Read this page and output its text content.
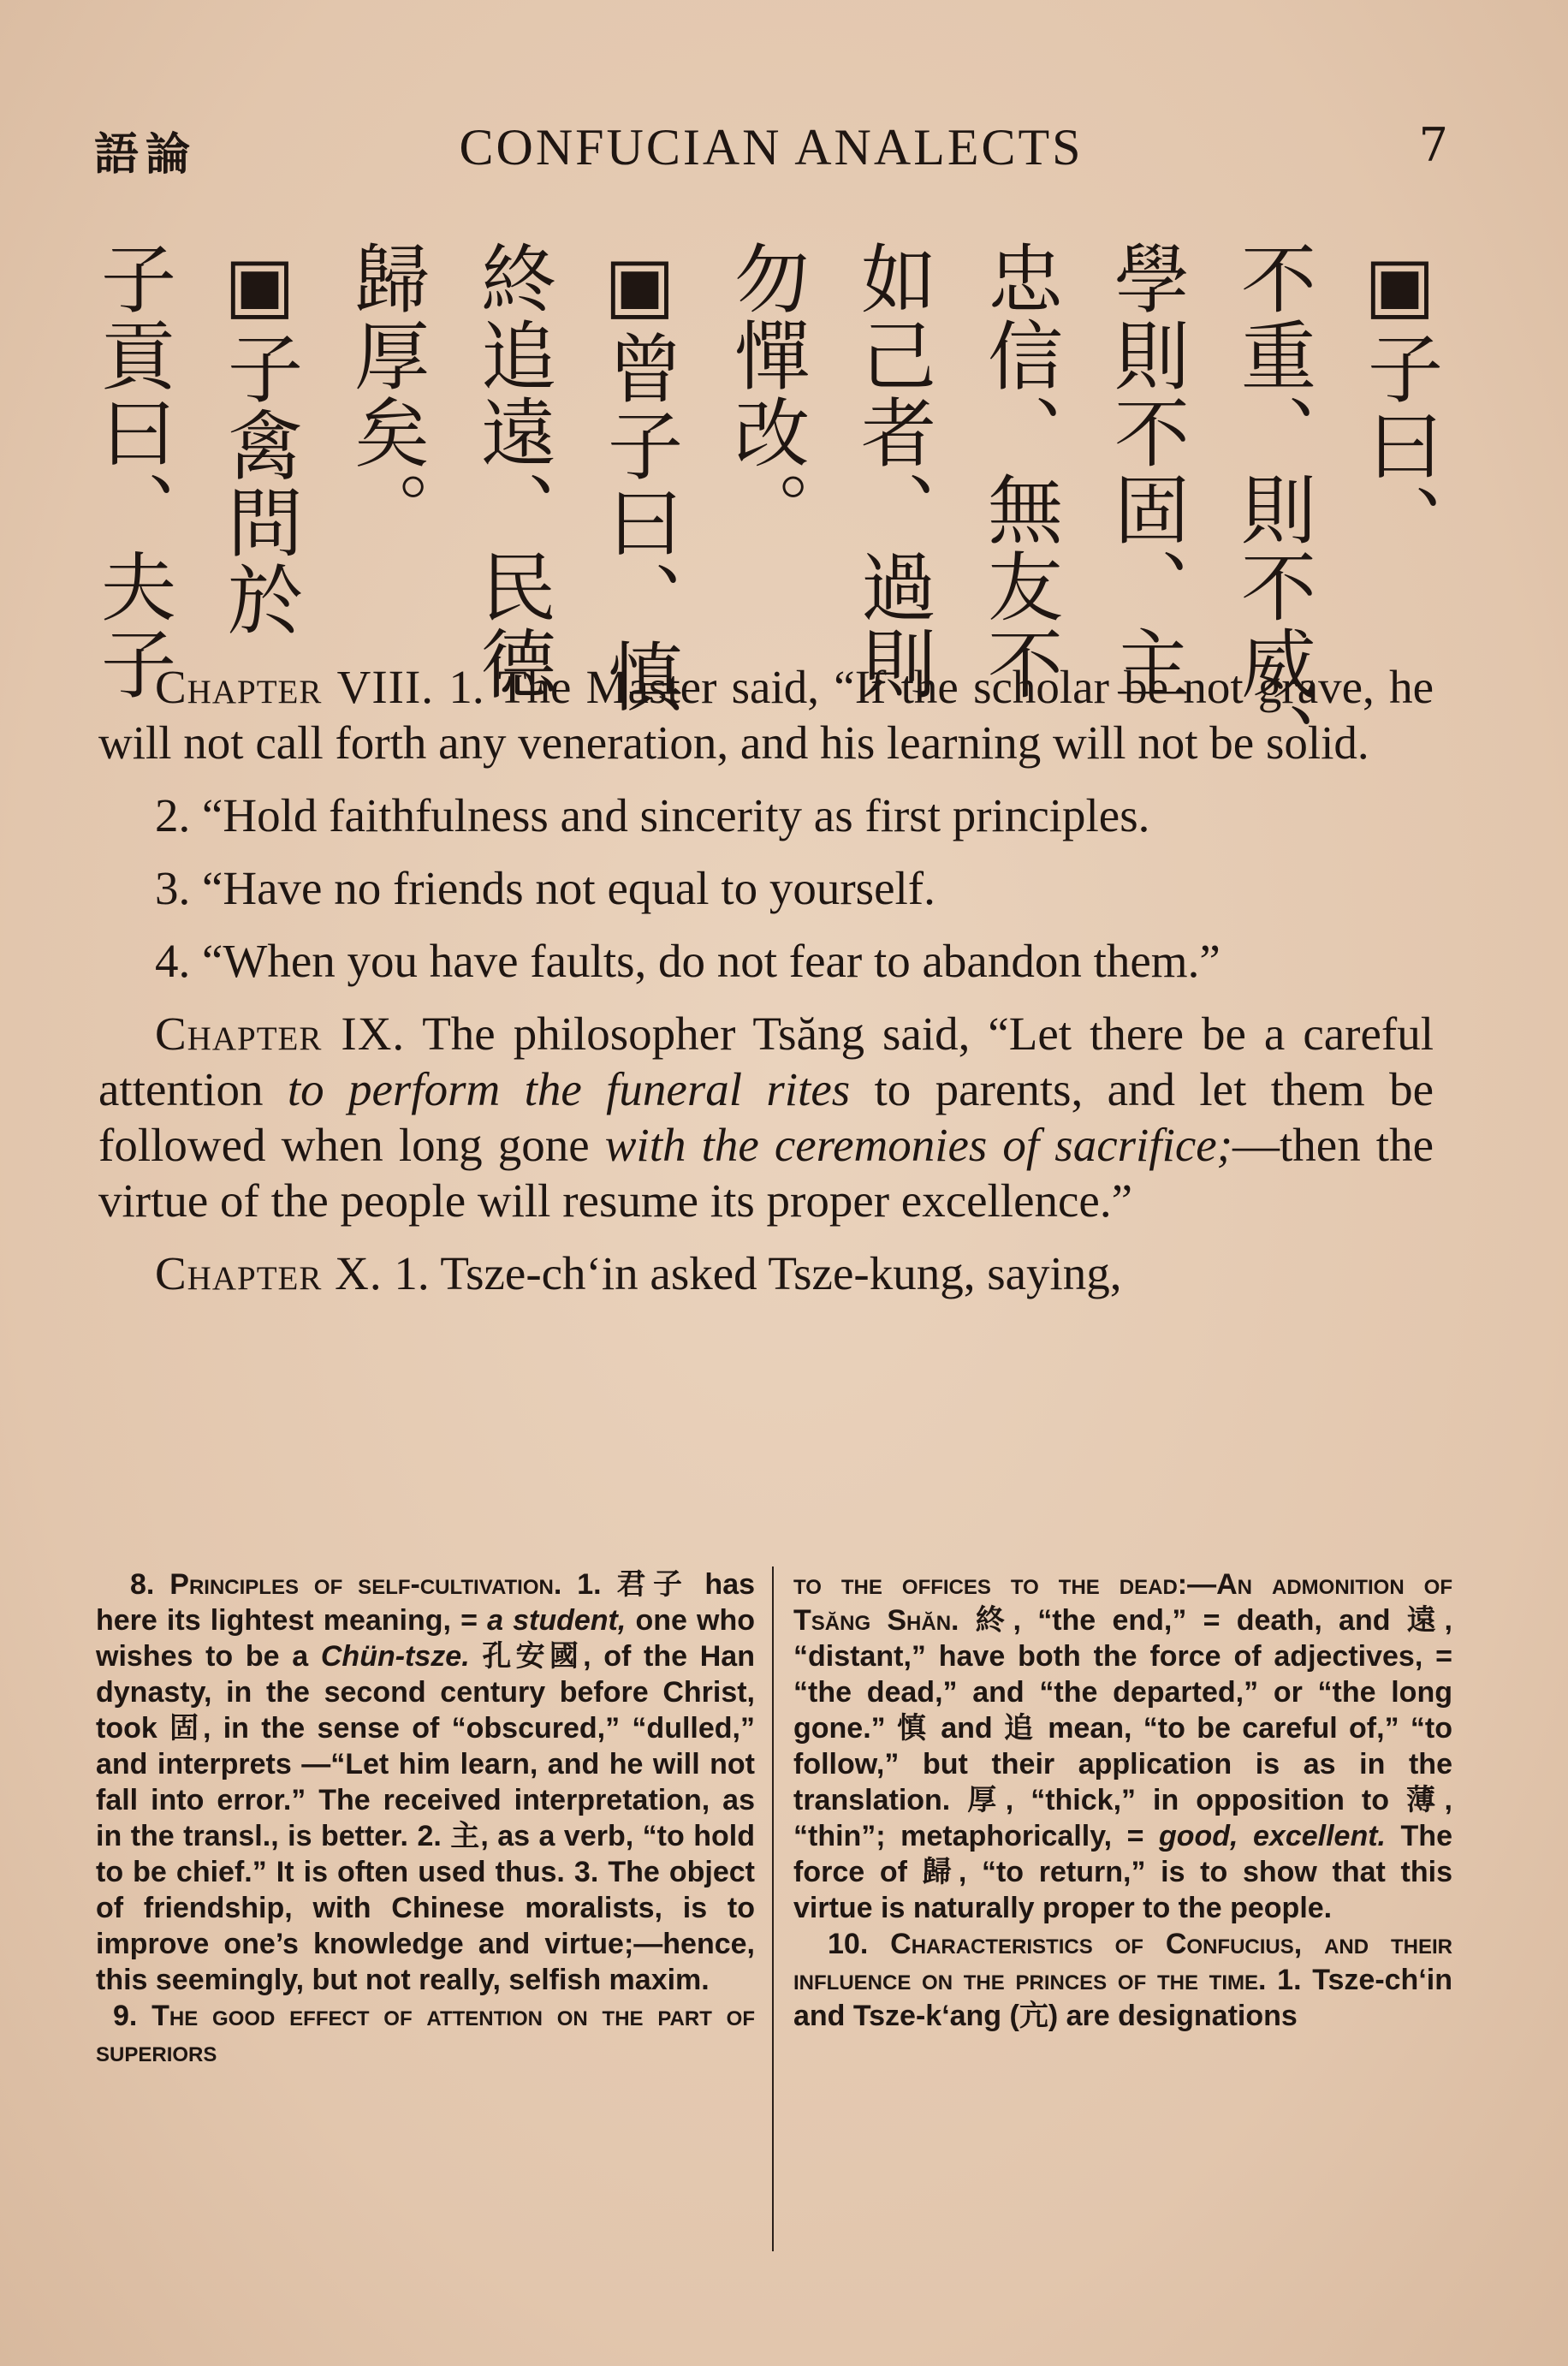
語論	CONFUCIAN ANALECTS	7
▣子曰、
不重、則不威、
學則不固、主
忠信、無友不
如己者、過則
勿憚改。
▣曾子曰、慎
終追遠、民德
歸厚矣。
▣子禽問於
子貢曰、夫子

Chapter VIII. 1. The Master said, “If the scholar be not grave, he will not call forth any veneration, and his learning will not be solid.

2. “Hold faithfulness and sincerity as first principles.

3. “Have no friends not equal to yourself.

4. “When you have faults, do not fear to abandon them.”

Chapter IX. The philosopher Tsăng said, “Let there be a careful attention to perform the funeral rites to parents, and let them be followed when long gone with the ceremonies of sacrifice;—then the virtue of the people will resume its proper excellence.”

Chapter X. 1. Tsze-ch‘in asked Tsze-kung, saying,

8. Principles of self-cultivation. 1. 君子 has here its lightest meaning, = a student, one who wishes to be a Chün-tsze. 孔安國, of the Han dynasty, in the second century before Christ, took 固, in the sense of “obscured,” “dulled,” and interprets —“Let him learn, and he will not fall into error.” The received interpretation, as in the transl., is better. 2. 主, as a verb, “to hold to be chief.” It is often used thus. 3. The object of friendship, with Chinese moralists, is to improve one’s knowledge and virtue;—hence, this seemingly, but not really, selfish maxim.

9. The good effect of attention on the part of superiors

to the offices to the dead:—An admonition of Tsăng Shăn. 終, “the end,” = death, and 遠, “distant,” have both the force of adjectives, = “the dead,” and “the departed,” or “the long gone.” 慎 and 追 mean, “to be careful of,” “to follow,” but their application is as in the translation. 厚, “thick,” in opposition to 薄, “thin”; metaphorically, = good, excellent. The force of 歸, “to return,” is to show that this virtue is naturally proper to the people.

10. Characteristics of Confucius, and their influence on the princes of the time. 1. Tsze-ch‘in and Tsze-k‘ang (亢) are designations
